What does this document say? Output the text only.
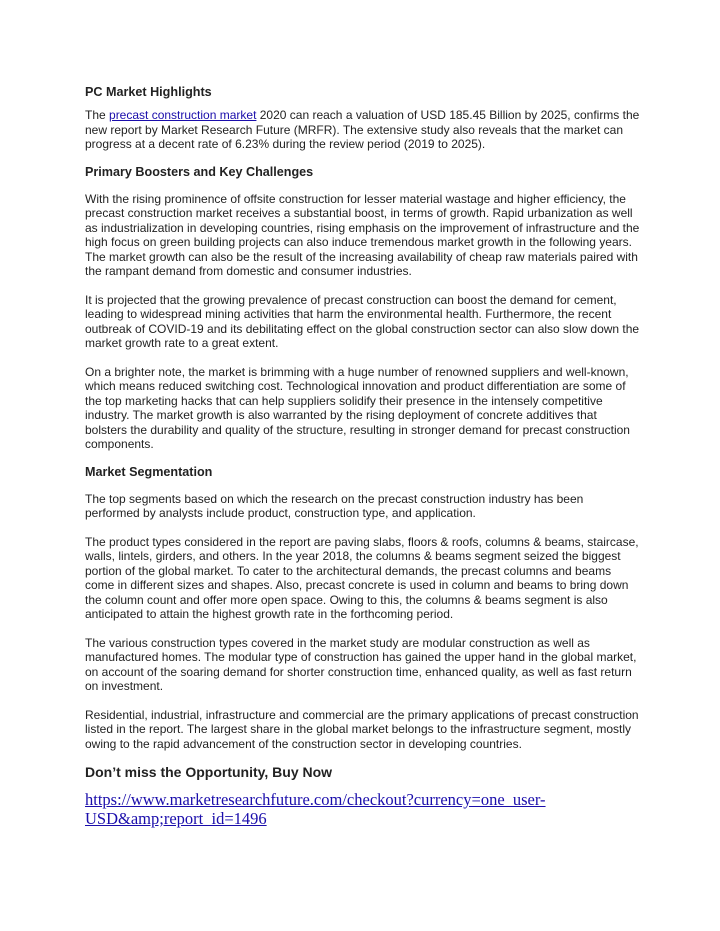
PC Market Highlights

The precast construction market 2020 can reach a valuation of USD 185.45 Billion by 2025, confirms the new report by Market Research Future (MRFR). The extensive study also reveals that the market can progress at a decent rate of 6.23% during the review period (2019 to 2025).

Primary Boosters and Key Challenges

With the rising prominence of offsite construction for lesser material wastage and higher efficiency, the precast construction market receives a substantial boost, in terms of growth. Rapid urbanization as well as industrialization in developing countries, rising emphasis on the improvement of infrastructure and the high focus on green building projects can also induce tremendous market growth in the following years. The market growth can also be the result of the increasing availability of cheap raw materials paired with the rampant demand from domestic and consumer industries.

It is projected that the growing prevalence of precast construction can boost the demand for cement, leading to widespread mining activities that harm the environmental health. Furthermore, the recent outbreak of COVID-19 and its debilitating effect on the global construction sector can also slow down the market growth rate to a great extent.

On a brighter note, the market is brimming with a huge number of renowned suppliers and well-known, which means reduced switching cost. Technological innovation and product differentiation are some of the top marketing hacks that can help suppliers solidify their presence in the intensely competitive industry. The market growth is also warranted by the rising deployment of concrete additives that bolsters the durability and quality of the structure, resulting in stronger demand for precast construction components.

Market Segmentation

The top segments based on which the research on the precast construction industry has been performed by analysts include product, construction type, and application.

The product types considered in the report are paving slabs, floors & roofs, columns & beams, staircase, walls, lintels, girders, and others. In the year 2018, the columns & beams segment seized the biggest portion of the global market. To cater to the architectural demands, the precast columns and beams come in different sizes and shapes. Also, precast concrete is used in column and beams to bring down the column count and offer more open space. Owing to this, the columns & beams segment is also anticipated to attain the highest growth rate in the forthcoming period.

The various construction types covered in the market study are modular construction as well as manufactured homes. The modular type of construction has gained the upper hand in the global market, on account of the soaring demand for shorter construction time, enhanced quality, as well as fast return on investment.

Residential, industrial, infrastructure and commercial are the primary applications of precast construction listed in the report. The largest share in the global market belongs to the infrastructure segment, mostly owing to the rapid advancement of the construction sector in developing countries.

Don’t miss the Opportunity, Buy Now

https://www.marketresearchfuture.com/checkout?currency=one_user-
USD&amp;report_id=1496
